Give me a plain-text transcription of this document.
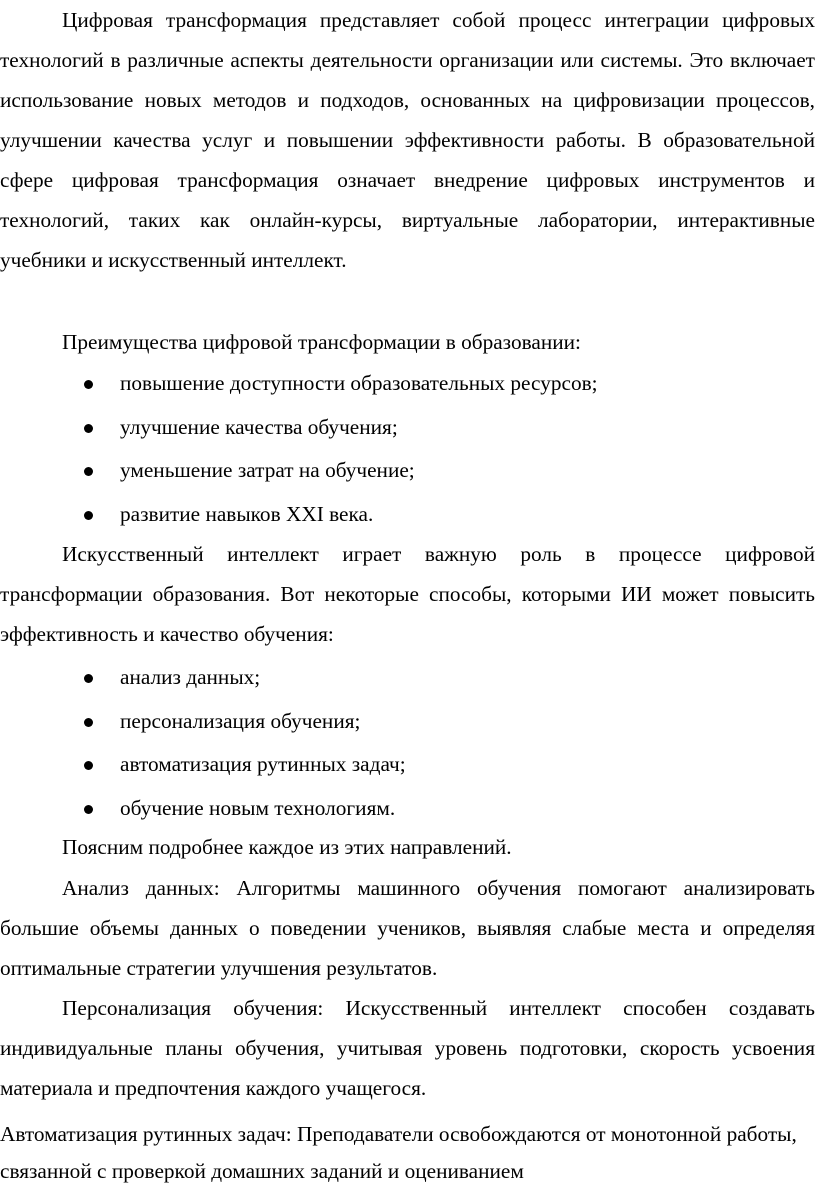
Цифровая трансформация представляет собой процесс интеграции цифровых технологий в различные аспекты деятельности организации или системы. Это включает использование новых методов и подходов, основанных на цифровизации процессов, улучшении качества услуг и повышении эффективности работы. В образовательной сфере цифровая трансформация означает внедрение цифровых инструментов и технологий, таких как онлайн-курсы, виртуальные лаборатории, интерактивные учебники и искусственный интеллект.

Преимущества цифровой трансформации в образовании:

повышение доступности образовательных ресурсов;
улучшение качества обучения;
уменьшение затрат на обучение;
развитие навыков XXI века.

Искусственный интеллект играет важную роль в процессе цифровой трансформации образования. Вот некоторые способы, которыми ИИ может повысить эффективность и качество обучения:

анализ данных;
персонализация обучения;
автоматизация рутинных задач;
обучение новым технологиям.

Поясним подробнее каждое из этих направлений.

Анализ данных: Алгоритмы машинного обучения помогают анализировать большие объемы данных о поведении учеников, выявляя слабые места и определяя оптимальные стратегии улучшения результатов.

Персонализация обучения: Искусственный интеллект способен создавать индивидуальные планы обучения, учитывая уровень подготовки, скорость усвоения материала и предпочтения каждого учащегося.

Автоматизация рутинных задач: Преподаватели освобождаются от монотонной работы, связанной с проверкой домашних заданий и оцениванием
